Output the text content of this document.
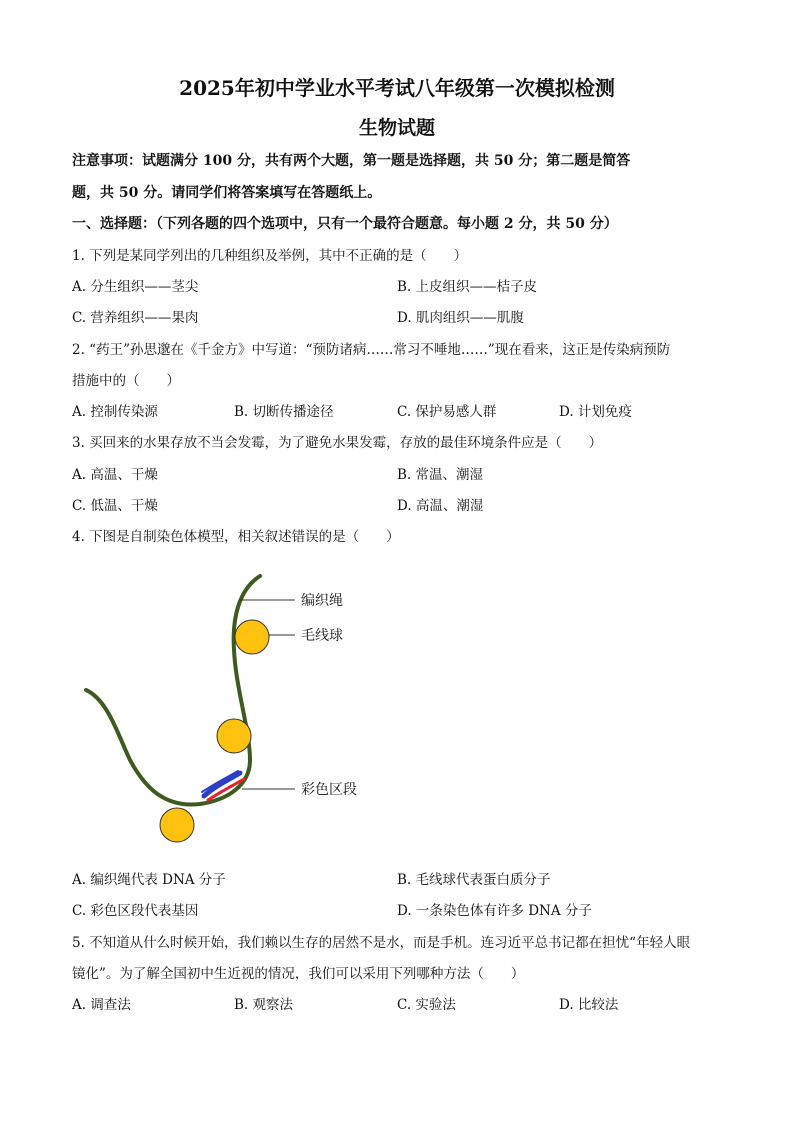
2025年初中学业水平考试八年级第一次模拟检测
生物试题
注意事项：试题满分 100 分，共有两个大题，第一题是选择题，共 50 分；第二题是简答
题，共 50 分。请同学们将答案填写在答题纸上。
一、选择题：（下列各题的四个选项中，只有一个最符合题意。每小题 2 分，共 50 分）
1. 下列是某同学列出的几种组织及举例，其中不正确的是（　　）
A. 分生组织——茎尖	B. 上皮组织——桔子皮
C. 营养组织——果肉	D. 肌肉组织——肌腹
2. “药王”孙思邈在《千金方》中写道：“预防诸病……常习不唾地……”现在看来，这正是传染病预防
措施中的（　　）
A. 控制传染源	B. 切断传播途径	C. 保护易感人群	D. 计划免疫
3. 买回来的水果存放不当会发霉，为了避免水果发霉，存放的最佳环境条件应是（　　）
A. 高温、干燥	B. 常温、潮湿
C. 低温、干燥	D. 高温、潮湿
4. 下图是自制染色体模型，相关叙述错误的是（　　）
编织绳
毛线球
彩色区段
A. 编织绳代表 DNA 分子	B. 毛线球代表蛋白质分子
C. 彩色区段代表基因	D. 一条染色体有许多 DNA 分子
5. 不知道从什么时候开始，我们赖以生存的居然不是水，而是手机。连习近平总书记都在担忧“年轻人眼
镜化”。为了解全国初中生近视的情况，我们可以采用下列哪种方法（　　）
A. 调查法	B. 观察法	C. 实验法	D. 比较法
